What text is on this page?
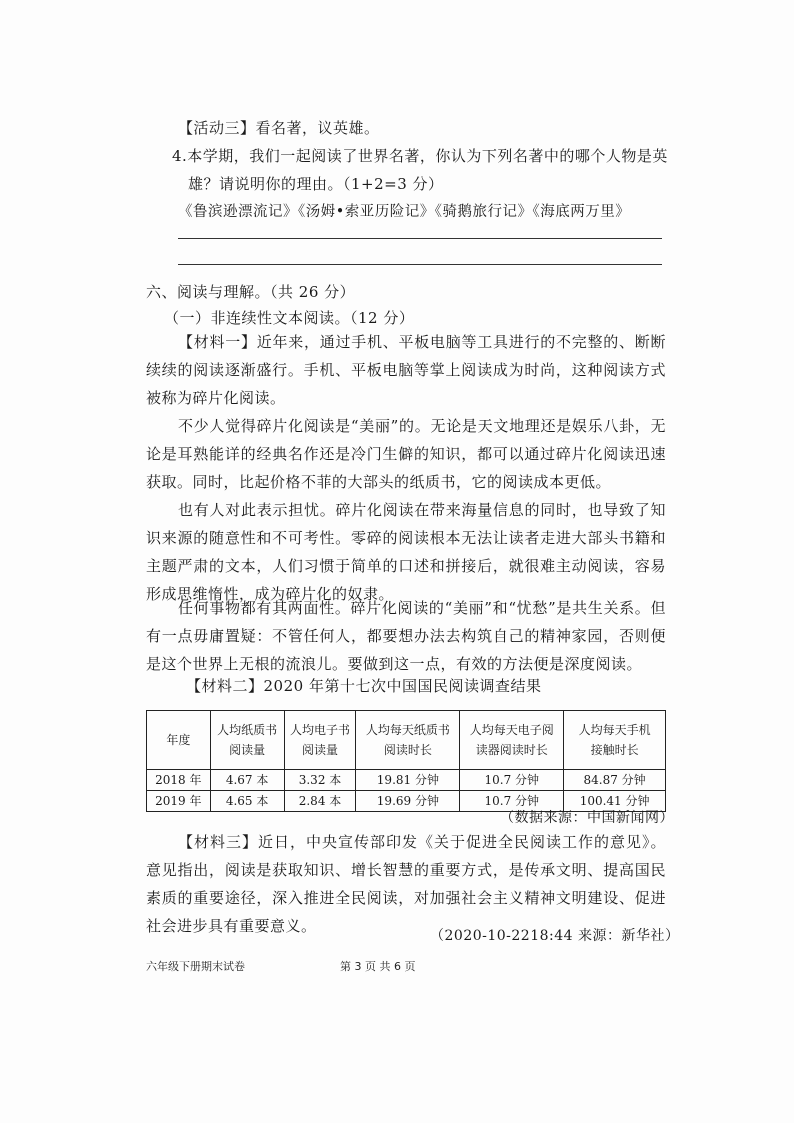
【活动三】看名著，议英雄。
4.本学期，我们一起阅读了世界名著，你认为下列名著中的哪个人物是英
雄？请说明你的理由。（1+2=3 分）
《鲁滨逊漂流记》《汤姆•索亚历险记》《骑鹅旅行记》《海底两万里》
六、阅读与理解。（共 26 分）
（一）非连续性文本阅读。（12 分）
【材料一】近年来，通过手机、平板电脑等工具进行的不完整的、断断续续的阅读逐渐盛行。手机、平板电脑等掌上阅读成为时尚，这种阅读方式被称为碎片化阅读。
不少人觉得碎片化阅读是“美丽”的。无论是天文地理还是娱乐八卦，无论是耳熟能详的经典名作还是冷门生僻的知识，都可以通过碎片化阅读迅速获取。同时，比起价格不菲的大部头的纸质书，它的阅读成本更低。
也有人对此表示担忧。碎片化阅读在带来海量信息的同时，也导致了知识来源的随意性和不可考性。零碎的阅读根本无法让读者走进大部头书籍和主题严肃的文本，人们习惯于简单的口述和拼接后，就很难主动阅读，容易形成思维惰性，成为碎片化的奴隶。
任何事物都有其两面性。碎片化阅读的“美丽”和“忧愁”是共生关系。但有一点毋庸置疑：不管任何人，都要想办法去构筑自己的精神家园，否则便是这个世界上无根的流浪儿。要做到这一点，有效的方法便是深度阅读。
【材料二】2020 年第十七次中国国民阅读调查结果
年度	人均纸质书阅读量	人均电子书阅读量	人均每天纸质书阅读时长	人均每天电子阅读器阅读时长	人均每天手机接触时长
2018 年	4.67 本	3.32 本	19.81 分钟	10.7 分钟	84.87 分钟
2019 年	4.65 本	2.84 本	19.69 分钟	10.7 分钟	100.41 分钟
（数据来源：中国新闻网）
【材料三】近日，中央宣传部印发《关于促进全民阅读工作的意见》。意见指出，阅读是获取知识、增长智慧的重要方式，是传承文明、提高国民素质的重要途径，深入推进全民阅读，对加强社会主义精神文明建设、促进社会进步具有重要意义。
（2020-10-2218:44 来源：新华社）
六年级下册期末试卷	第 3 页 共 6 页
